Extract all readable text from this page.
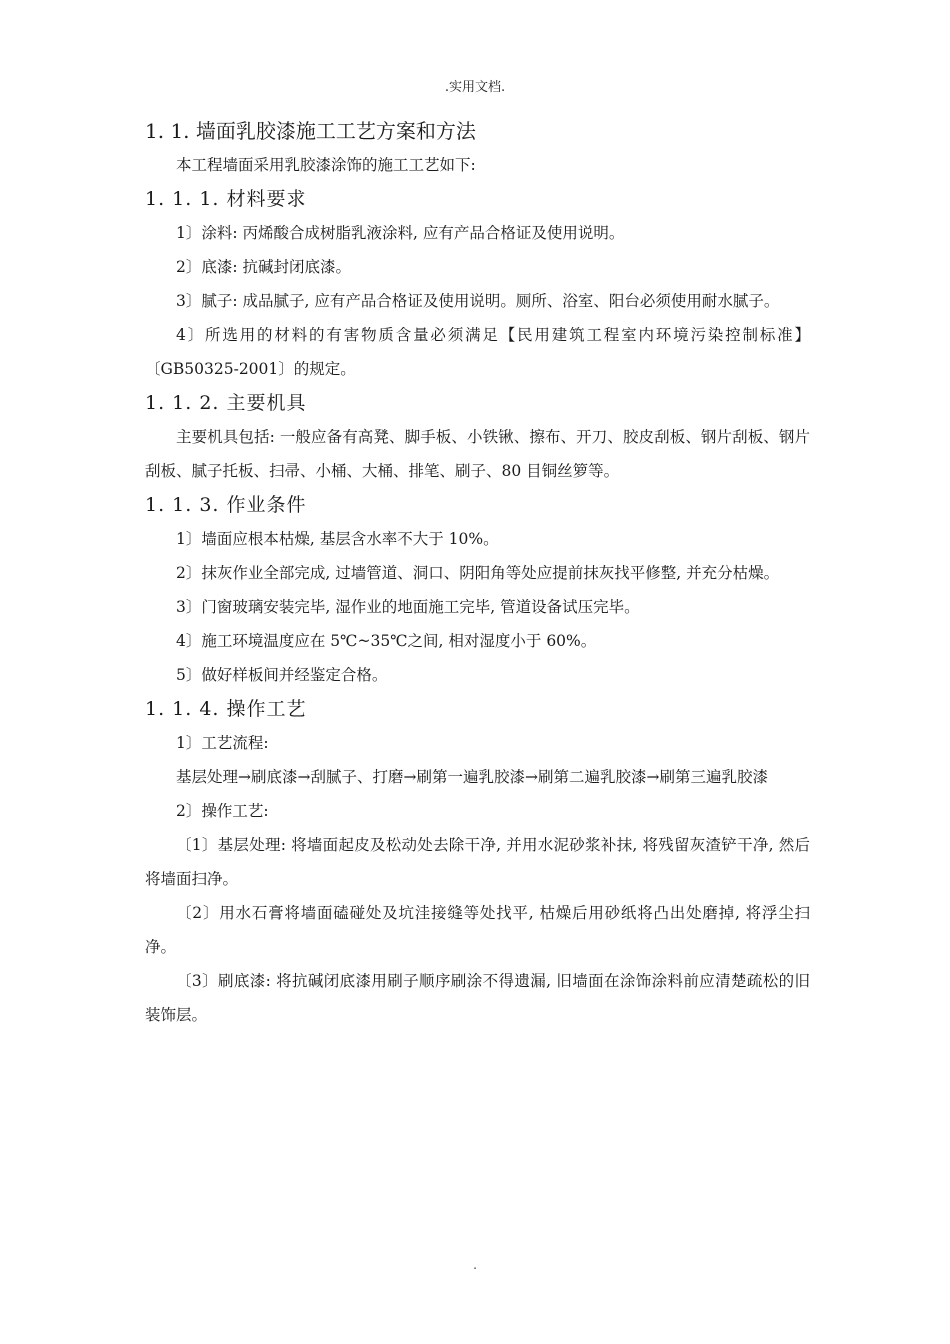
.实用文档.
1. 1. 墙面乳胶漆施工工艺方案和方法
本工程墙面采用乳胶漆涂饰的施工工艺如下:
1. 1. 1. 材料要求
1〕涂料: 丙烯酸合成树脂乳液涂料, 应有产品合格证及使用说明。
2〕底漆: 抗碱封闭底漆。
3〕腻子: 成品腻子, 应有产品合格证及使用说明。厕所、浴室、阳台必须使用耐水腻子。
4〕所选用的材料的有害物质含量必须满足【民用建筑工程室内环境污染控制标准】〔GB50325-2001〕的规定。
1. 1. 2. 主要机具
主要机具包括: 一般应备有高凳、脚手板、小铁锹、擦布、开刀、胶皮刮板、钢片刮板、钢片刮板、腻子托板、扫帚、小桶、大桶、排笔、刷子、80 目铜丝箩等。
1. 1. 3. 作业条件
1〕墙面应根本枯燥, 基层含水率不大于 10%。
2〕抹灰作业全部完成, 过墙管道、洞口、阴阳角等处应提前抹灰找平修整, 并充分枯燥。
3〕门窗玻璃安装完毕, 湿作业的地面施工完毕, 管道设备试压完毕。
4〕施工环境温度应在 5℃~35℃之间, 相对湿度小于 60%。
5〕做好样板间并经鉴定合格。
1. 1. 4. 操作工艺
1〕工艺流程:
基层处理→刷底漆→刮腻子、打磨→刷第一遍乳胶漆→刷第二遍乳胶漆→刷第三遍乳胶漆
2〕操作工艺:
〔1〕基层处理: 将墙面起皮及松动处去除干净, 并用水泥砂浆补抹, 将残留灰渣铲干净, 然后将墙面扫净。
〔2〕用水石膏将墙面磕碰处及坑洼接缝等处找平, 枯燥后用砂纸将凸出处磨掉, 将浮尘扫净。
〔3〕刷底漆: 将抗碱闭底漆用刷子顺序刷涂不得遗漏, 旧墙面在涂饰涂料前应清楚疏松的旧装饰层。
.
